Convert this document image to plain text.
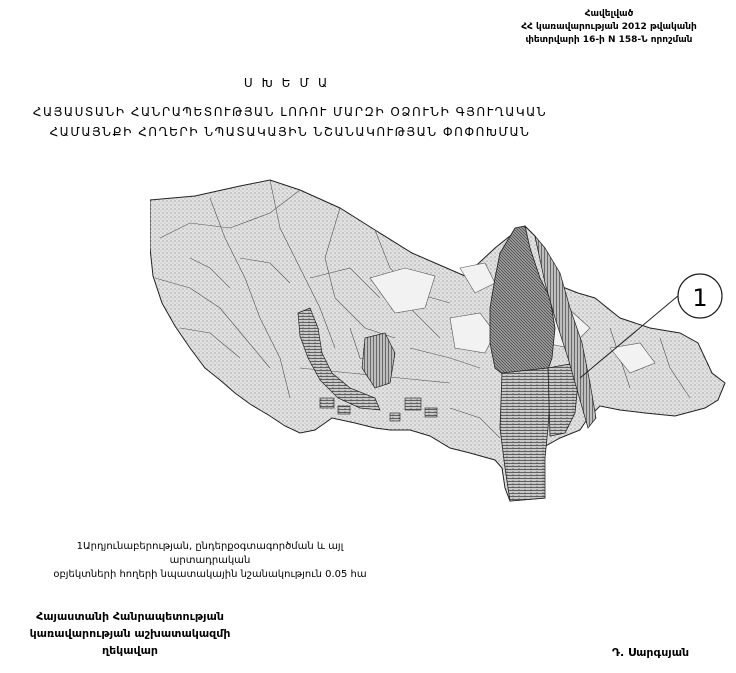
Հավելված
ՀՀ կառավարության 2012 թվականի
փետրվարի 16-ի N 158-Ն որոշման
ՍԽԵՄԱ
ՀԱՅԱՍՏԱՆԻ ՀԱՆՐԱՊԵՏՈՒԹՅԱՆ ԼՈՌՈՒ ՄԱՐԶԻ ՕՁՈՒՆԻ ԳՅՈՒՂԱԿԱՆ
ՀԱՄԱՅՆՔԻ ՀՈՂԵՐԻ ՆՊԱՏԱԿԱՅԻՆ ՆՇԱՆԱԿՈՒԹՅԱՆ ՓՈՓՈԽՄԱՆ
1
1Արդյունաբերության, ընդերքօգտագործման և այլ արտադրական
օբյեկտների հողերի նպատակային նշանակություն 0.05 հա
Հայաստանի Հանրապետության
կառավարության աշխատակազմի
ղեկավար	Դ. Սարգսյան
